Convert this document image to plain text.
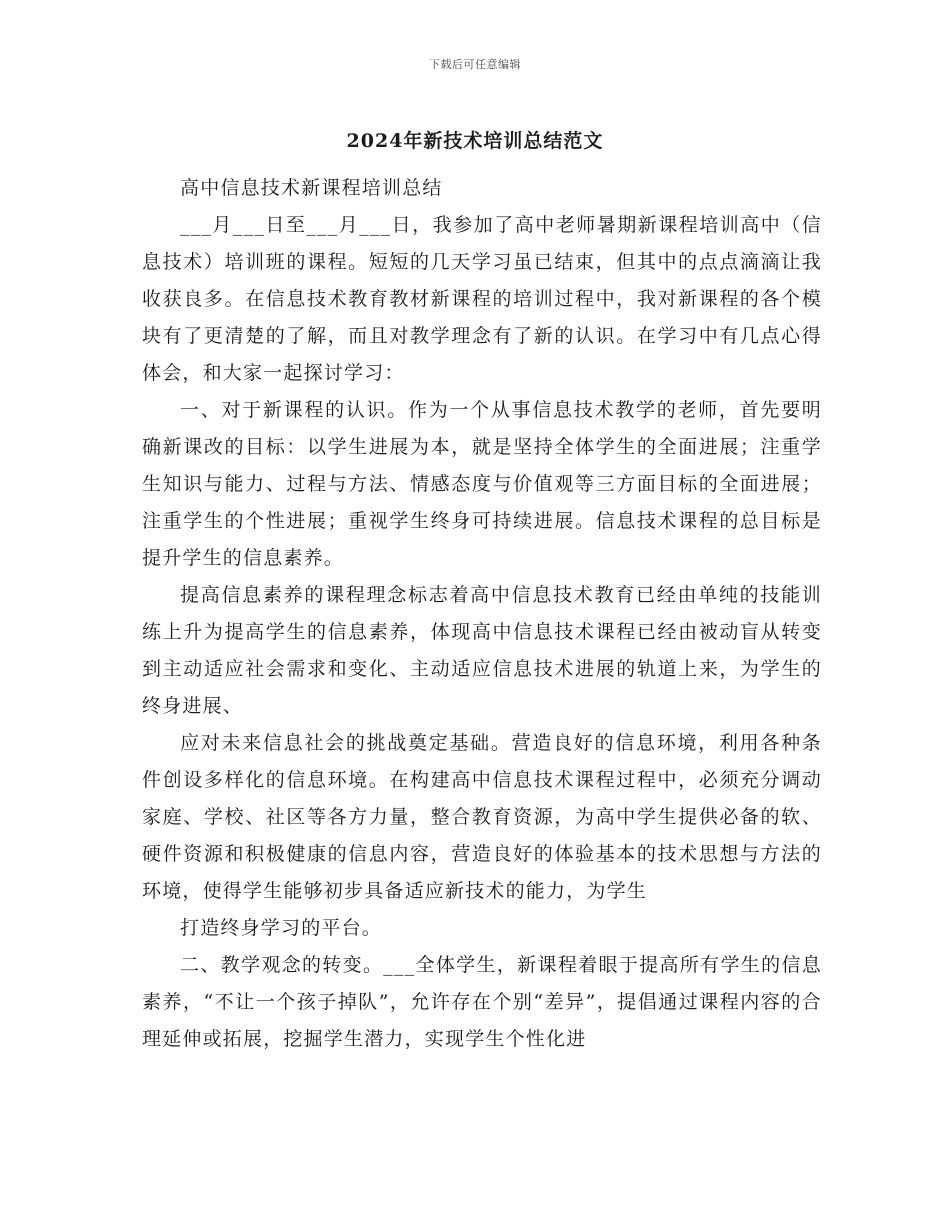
下载后可任意编辑
2024年新技术培训总结范文

高中信息技术新课程培训总结

___月___日至___月___日，我参加了高中老师暑期新课程培训高中（信息技术）培训班的课程。短短的几天学习虽已结束，但其中的点点滴滴让我收获良多。在信息技术教育教材新课程的培训过程中，我对新课程的各个模块有了更清楚的了解，而且对教学理念有了新的认识。在学习中有几点心得体会，和大家一起探讨学习：

一、对于新课程的认识。作为一个从事信息技术教学的老师，首先要明确新课改的目标：以学生进展为本，就是坚持全体学生的全面进展；注重学生知识与能力、过程与方法、情感态度与价值观等三方面目标的全面进展；注重学生的个性进展；重视学生终身可持续进展。信息技术课程的总目标是提升学生的信息素养。

提高信息素养的课程理念标志着高中信息技术教育已经由单纯的技能训练上升为提高学生的信息素养，体现高中信息技术课程已经由被动盲从转变到主动适应社会需求和变化、主动适应信息技术进展的轨道上来，为学生的终身进展、

应对未来信息社会的挑战奠定基础。营造良好的信息环境，利用各种条件创设多样化的信息环境。在构建高中信息技术课程过程中，必须充分调动家庭、学校、社区等各方力量，整合教育资源，为高中学生提供必备的软、硬件资源和积极健康的信息内容，营造良好的体验基本的技术思想与方法的环境，使得学生能够初步具备适应新技术的能力，为学生

打造终身学习的平台。

二、教学观念的转变。___全体学生，新课程着眼于提高所有学生的信息素养，“不让一个孩子掉队”，允许存在个别“差异”，提倡通过课程内容的合理延伸或拓展，挖掘学生潜力，实现学生个性化进
